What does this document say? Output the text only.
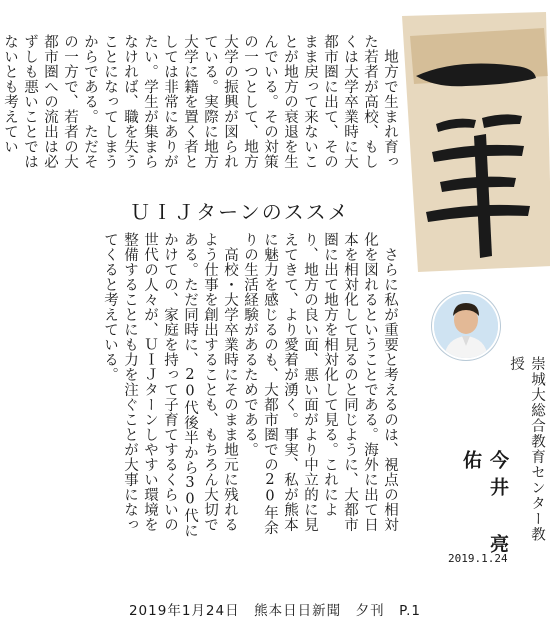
地方で生まれ育った若者が高校、もしくは大学卒業時に大都市圏に出て、そのまま戻って来ないことが地方の衰退を生んでいる。その対策の一つとして、地方大学の振興が図られている。実際に地方大学に籍を置く者としては非常にありがたい。学生が集まらなければ、職を失うことになってしまうからである。ただその一方で、若者の大都市圏への流出は必ずしも悪いことではないとも考えてい

ＵＩＪターンのススメ

さらに私が重要と考えるのは、視点の相対化を図れるということである。海外に出て日本を相対化して見るのと同じように、大都市圏に出て地方を相対化して見る。これにより、地方の良い面、悪い面がより中立的に見えてきて、より愛着が湧く。事実、私が熊本に魅力を感じるのも、大都市圏での20年余りの生活経験があるためである。

高校・大学卒業時にそのまま地元に残れるよう仕事を創出することも、もちろん大切である。ただ同時に、20代後半から30代にかけての、家庭を持って子育てするくらいの世代の人々が、ＵＩＪターンしやすい環境を整備することにも力を注ぐことが大事になってくると考えている。	一筆
崇城大総合教育センター教授
今井 亮佑
2019.1.24
2019年1月24日　熊本日日新聞　夕刊　P.1
